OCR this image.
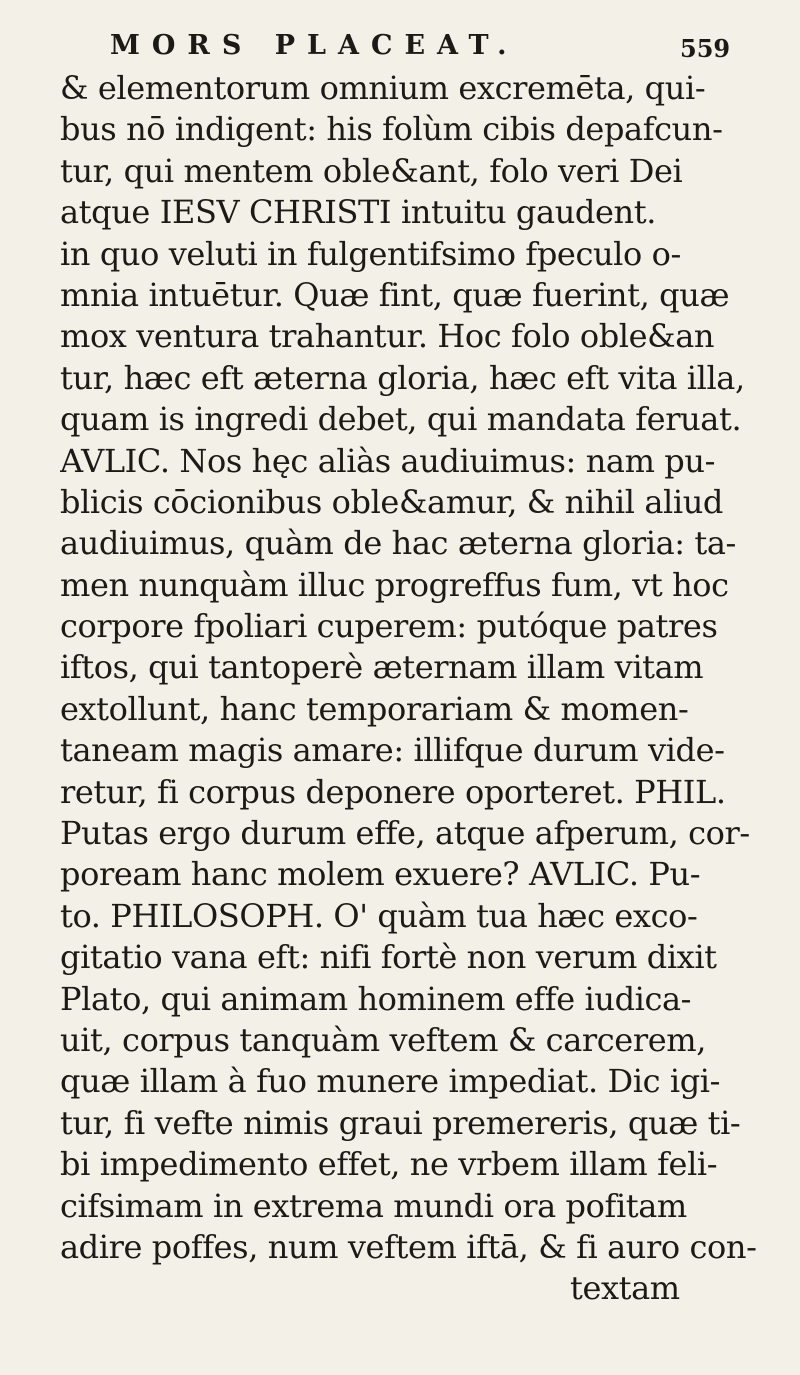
MORS PLACEAT.	559
& elementorum omnium excremēta, qui-
bus nō indigent: his folùm cibis depafcun-
tur, qui mentem oble&ant, folo veri Dei
atque IESV CHRISTI intuitu gaudent.
in quo veluti in fulgentifsimo fpeculo o-
mnia intuētur. Quæ fint, quæ fuerint, quæ
mox ventura trahantur. Hoc folo oble&an
tur, hæc eft æterna gloria, hæc eft vita illa,
quam is ingredi debet, qui mandata feruat.
AVLIC. Nos hęc aliàs audiuimus: nam pu-
blicis cōcionibus oble&amur, & nihil aliud
audiuimus, quàm de hac æterna gloria: ta-
men nunquàm illuc progreffus fum, vt hoc
corpore fpoliari cuperem: putóque patres
iftos, qui tantoperè æternam illam vitam
extollunt, hanc temporariam & momen-
taneam magis amare: illifque durum vide-
retur, fi corpus deponere oporteret. PHIL.
Putas ergo durum effe, atque afperum, cor-
poream hanc molem exuere? AVLIC. Pu-
to. PHILOSOPH. O' quàm tua hæc exco-
gitatio vana eft: nifi fortè non verum dixit
Plato, qui animam hominem effe iudica-
uit, corpus tanquàm veftem & carcerem,
quæ illam à fuo munere impediat. Dic igi-
tur, fi vefte nimis graui premereris, quæ ti-
bi impedimento effet, ne vrbem illam feli-
cifsimam in extrema mundi ora pofitam
adire poffes, num veftem iftā, & fi auro con-
textam
